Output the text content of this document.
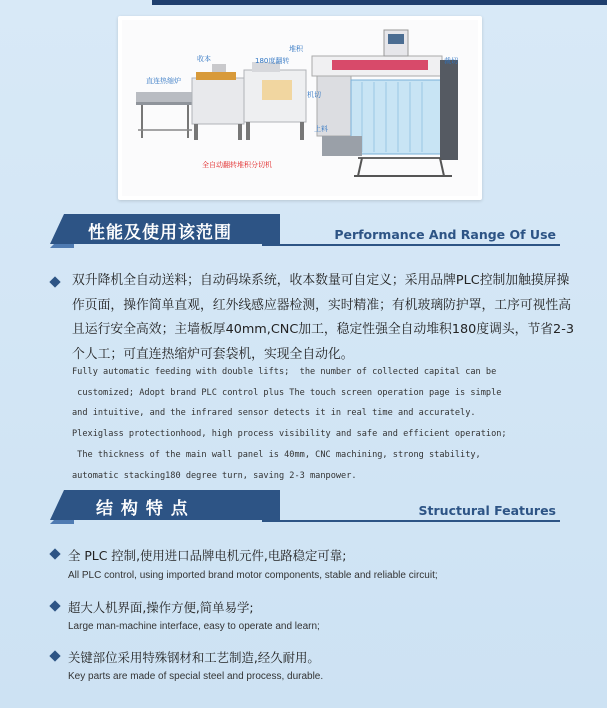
收本
堆积
180度翻转	裁切
直连热缩炉
机切
上料
全自动翻转堆积分切机
性能及使用该范围	Performance And Range Of Use
双升降机全自动送料；自动码垛系统，收本数量可自定义；采用品牌PLC控制加触摸屏操作页面，操作简单直观，红外线感应器检测，实时精准；有机玻璃防护罩，工序可视性高且运行安全高效；主墙板厚40mm,CNC加工，稳定性强全自动堆积180度调头，节省2-3个人工；可直连热缩炉可套袋机，实现全自动化。
Fully automatic feeding with double lifts;  the number of collected capital can be
customized; Adopt brand PLC control plus The touch screen operation page is simple
and intuitive, and the infrared sensor detects it in real time and accurately.
Plexiglass protectionhood, high process visibility and safe and efficient operation;
The thickness of the main wall panel is 40mm, CNC machining, strong stability,
automatic stacking180 degree turn, saving 2-3 manpower.
结 构 特 点	Structural Features
全 PLC 控制,使用进口品牌电机元件,电路稳定可靠;
All PLC control, using imported brand motor components, stable and reliable circuit;
超大人机界面,操作方便,简单易学;
Large man-machine interface, easy to operate and learn;
关键部位采用特殊钢材和工艺制造,经久耐用。
Key parts are made of special steel and process, durable.
